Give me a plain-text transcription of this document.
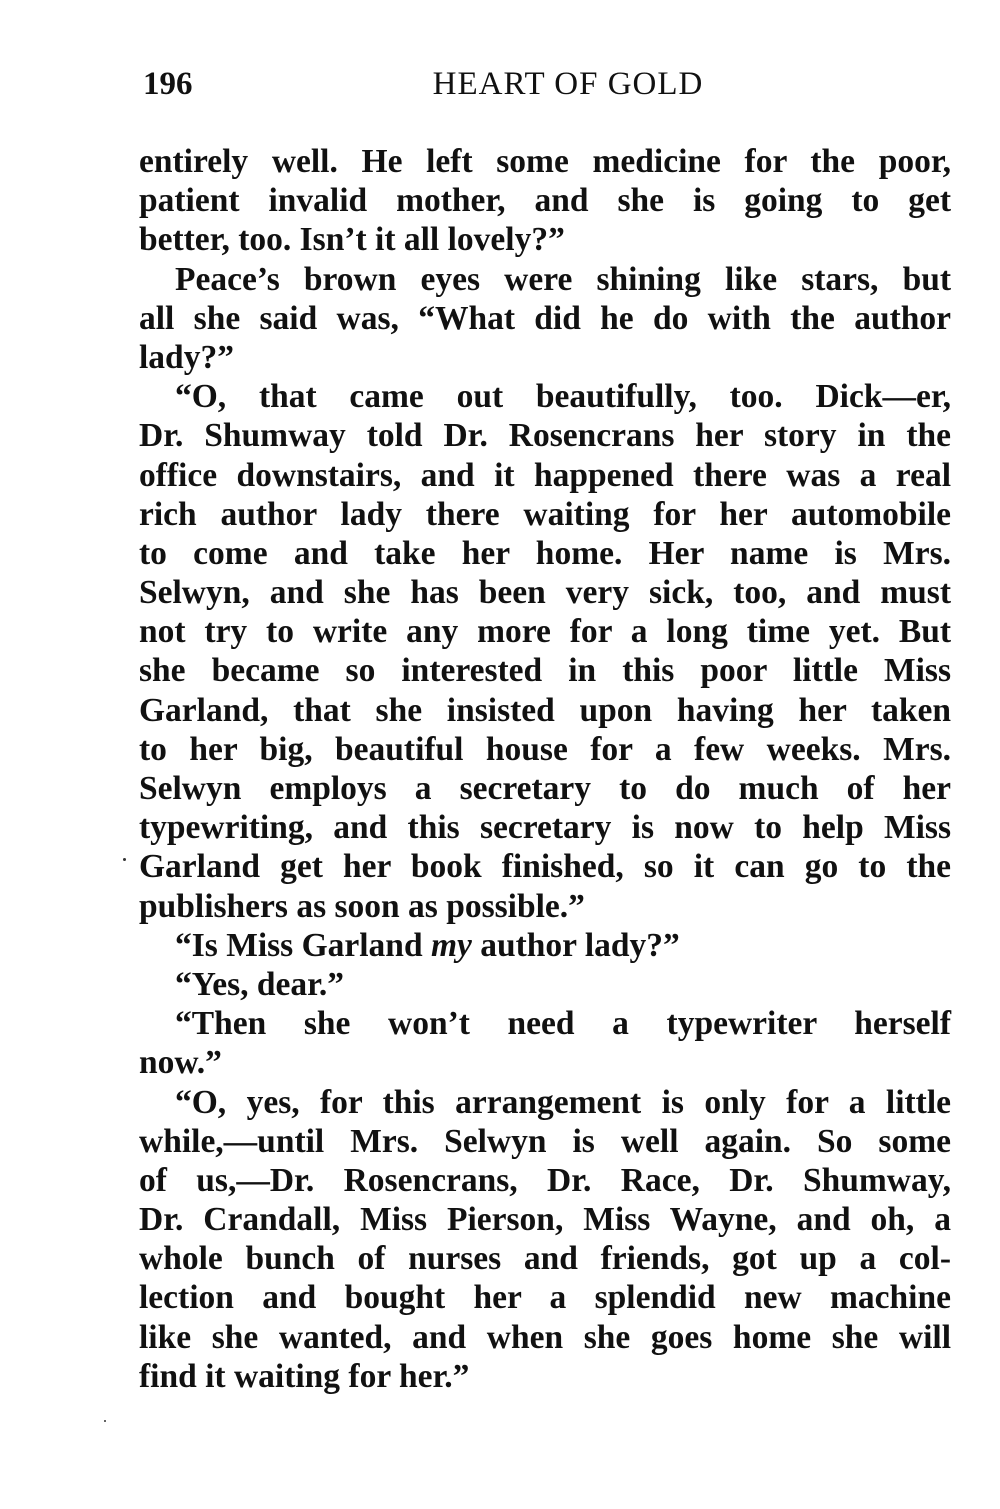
196	HEART OF GOLD
entirely well. He left some medicine for the poor,
patient invalid mother, and she is going to get
better, too. Isn’t it all lovely?”
Peace’s brown eyes were shining like stars, but
all she said was, “What did he do with the author
lady?”
“O, that came out beautifully, too. Dick—er,
Dr. Shumway told Dr. Rosencrans her story in the
office downstairs, and it happened there was a real
rich author lady there waiting for her automobile
to come and take her home. Her name is Mrs.
Selwyn, and she has been very sick, too, and must
not try to write any more for a long time yet. But
she became so interested in this poor little Miss
Garland, that she insisted upon having her taken
to her big, beautiful house for a few weeks. Mrs.
Selwyn employs a secretary to do much of her
typewriting, and this secretary is now to help Miss
Garland get her book finished, so it can go to the
publishers as soon as possible.”
“Is Miss Garland my author lady?”
“Yes, dear.”
“Then she won’t need a typewriter herself
now.”
“O, yes, for this arrangement is only for a little
while,—until Mrs. Selwyn is well again. So some
of us,—Dr. Rosencrans, Dr. Race, Dr. Shumway,
Dr. Crandall, Miss Pierson, Miss Wayne, and oh, a
whole bunch of nurses and friends, got up a col-
lection and bought her a splendid new machine
like she wanted, and when she goes home she will
find it waiting for her.”
